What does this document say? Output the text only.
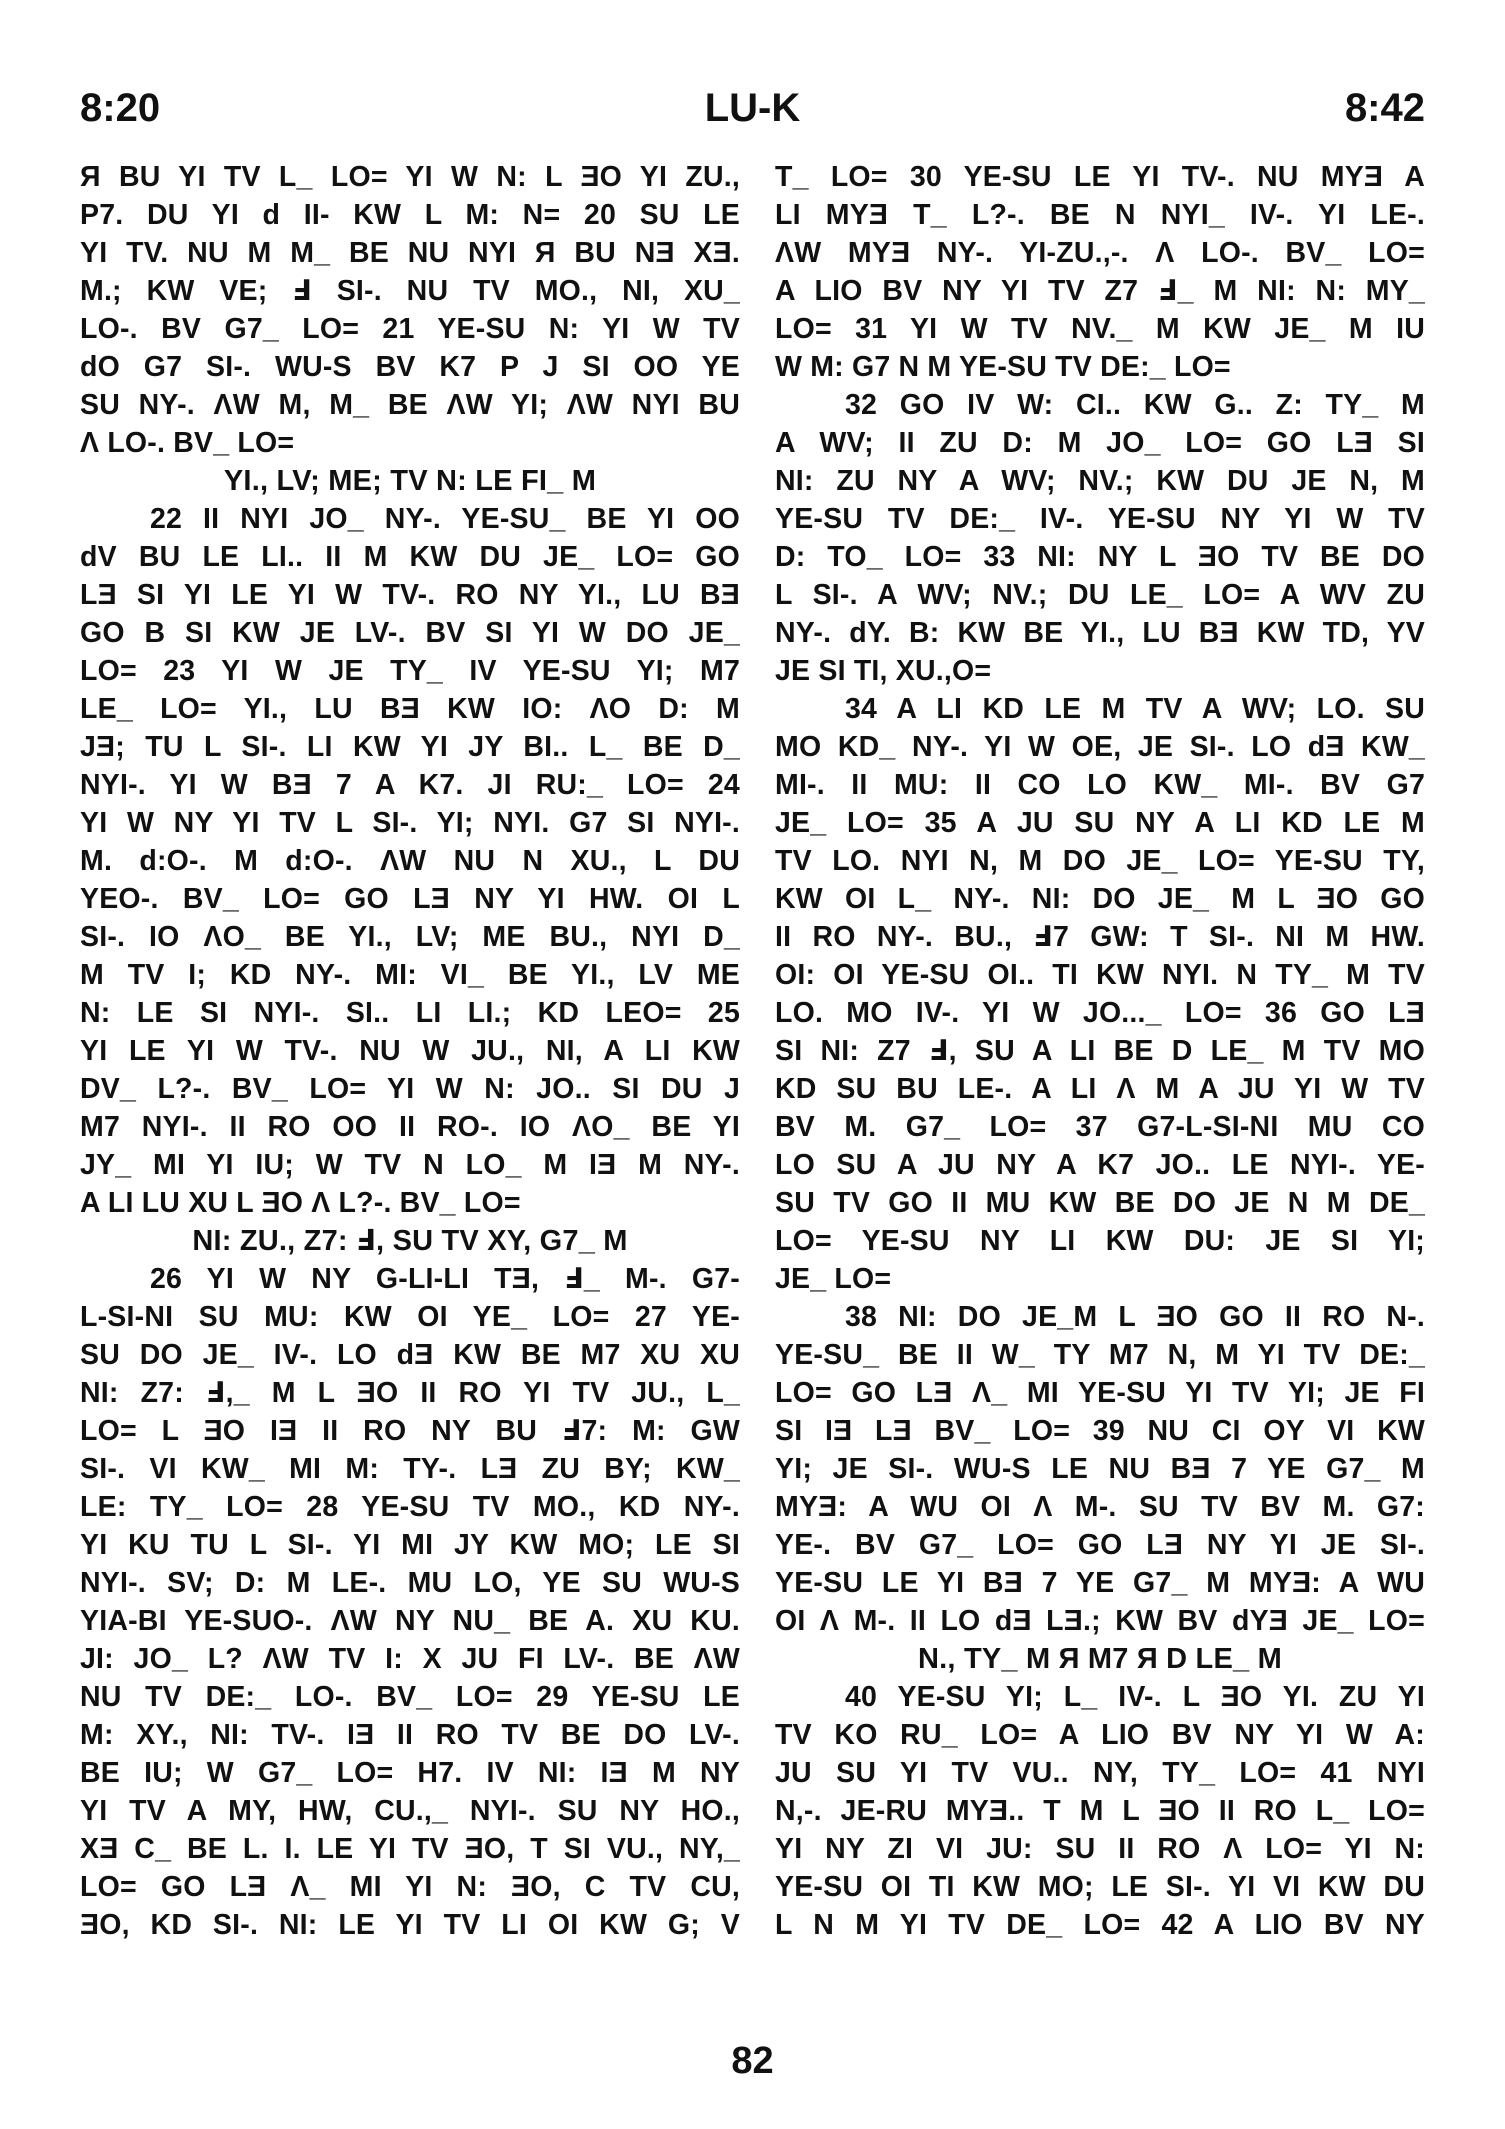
8:20	LU-K	8:42
Я BU YI TV L_ LO= YI W N: L ƎO YI ZU.,
P7. DU YI d II- KW L M: N= 20 SU LE
YI TV. NU M M_ BE NU NYI Я BU NƎ XƎ.
M.; KW VE; Ⅎ SI-. NU TV MO., NI, XU_
LO-. BV G7_ LO= 21 YE-SU N: YI W TV
dO G7 SI-. WU-S BV K7 P J SI OO YE
SU NY-. ΛW M, M_ BE ΛW YI; ΛW NYI BU
Λ LO-. BV_ LO=
YI., LV; ME; TV N: LE FI_ M
22 II NYI JO_ NY-. YE-SU_ BE YI OO
dV BU LE LI.. II M KW DU JE_ LO= GO
LƎ SI YI LE YI W TV-. RO NY YI., LU BƎ
GO B SI KW JE LV-. BV SI YI W DO JE_
LO= 23 YI W JE TY_ IV YE-SU YI; M7
LE_ LO= YI., LU BƎ KW IO: ΛO D: M
JƎ; TU L SI-. LI KW YI JY BI.. L_ BE D_
NYI-. YI W BƎ 7 A K7. JI RU:_ LO= 24
YI W NY YI TV L SI-. YI; NYI. G7 SI NYI-.
M. d:O-. M d:O-. ΛW NU N XU., L DU
YEO-. BV_ LO= GO LƎ NY YI HW. OI L
SI-. IO ΛO_ BE YI., LV; ME BU., NYI D_
M TV I; KD NY-. MI: VI_ BE YI., LV ME
N: LE SI NYI-. SI.. LI LI.; KD LEO= 25
YI LE YI W TV-. NU W JU., NI, A LI KW
DV_ L?-. BV_ LO= YI W N: JO.. SI DU J
M7 NYI-. II RO OO II RO-. IO ΛO_ BE YI
JY_ MI YI IU; W TV N LO_ M IƎ M NY-.
A LI LU XU L ƎO Λ L?-. BV_ LO=
NI: ZU., Z7: Ⅎ, SU TV XY, G7_ M
26 YI W NY G-LI-LI TƎ, Ⅎ_ M-. G7-
L-SI-NI SU MU: KW OI YE_ LO= 27 YE-
SU DO JE_ IV-. LO dƎ KW BE M7 XU XU
NI: Z7: Ⅎ,_ M L ƎO II RO YI TV JU., L_
LO= L ƎO IƎ II RO NY BU Ⅎ7: M: GW
SI-. VI KW_ MI M: TY-. LƎ ZU BY; KW_
LE: TY_ LO= 28 YE-SU TV MO., KD NY-.
YI KU TU L SI-. YI MI JY KW MO; LE SI
NYI-. SV; D: M LE-. MU LO, YE SU WU-S
YIA-BI YE-SUO-. ΛW NY NU_ BE A. XU KU.
JI: JO_ L? ΛW TV I: X JU FI LV-. BE ΛW
NU TV DE:_ LO-. BV_ LO= 29 YE-SU LE
M: XY., NI: TV-. IƎ II RO TV BE DO LV-.
BE IU; W G7_ LO= H7. IV NI: IƎ M NY
YI TV A MY, HW, CU.,_ NYI-. SU NY HO.,
XƎ C_ BE L. I. LE YI TV ƎO, T SI VU., NY,_
LO= GO LƎ Λ_ MI YI N: ƎO, C TV CU,
ƎO, KD SI-. NI: LE YI TV LI OI KW G; V
T_ LO= 30 YE-SU LE YI TV-. NU MYƎ A
LI MYƎ T_ L?-. BE N NYI_ IV-. YI LE-.
ΛW MYƎ NY-. YI-ZU.,-. Λ LO-. BV_ LO=
A LIO BV NY YI TV Z7 Ⅎ_ M NI: N: MY_
LO= 31 YI W TV NV._ M KW JE_ M IU
W M: G7 N M YE-SU TV DE:_ LO=
32 GO IV W: CI.. KW G.. Z: TY_ M
A WV; II ZU D: M JO_ LO= GO LƎ SI
NI: ZU NY A WV; NV.; KW DU JE N, M
YE-SU TV DE:_ IV-. YE-SU NY YI W TV
D: TO_ LO= 33 NI: NY L ƎO TV BE DO
L SI-. A WV; NV.; DU LE_ LO= A WV ZU
NY-. dY. B: KW BE YI., LU BƎ KW TD, YV
JE SI TI, XU.,O=
34 A LI KD LE M TV A WV; LO. SU
MO KD_ NY-. YI W OE, JE SI-. LO dƎ KW_
MI-. II MU: II CO LO KW_ MI-. BV G7
JE_ LO= 35 A JU SU NY A LI KD LE M
TV LO. NYI N, M DO JE_ LO= YE-SU TY,
KW OI L_ NY-. NI: DO JE_ M L ƎO GO
II RO NY-. BU., Ⅎ7 GW: T SI-. NI M HW.
OI: OI YE-SU OI.. TI KW NYI. N TY_ M TV
LO. MO IV-. YI W JO..._ LO= 36 GO LƎ
SI NI: Z7 Ⅎ, SU A LI BE D LE_ M TV MO
KD SU BU LE-. A LI Λ M A JU YI W TV
BV M. G7_ LO= 37 G7-L-SI-NI MU CO
LO SU A JU NY A K7 JO.. LE NYI-. YE-
SU TV GO II MU KW BE DO JE N M DE_
LO= YE-SU NY LI KW DU: JE SI YI;
JE_ LO=
38 NI: DO JE_M L ƎO GO II RO N-.
YE-SU_ BE II W_ TY M7 N, M YI TV DE:_
LO= GO LƎ Λ_ MI YE-SU YI TV YI; JE FI
SI IƎ LƎ BV_ LO= 39 NU CI OY VI KW
YI; JE SI-. WU-S LE NU BƎ 7 YE G7_ M
MYƎ: A WU OI Λ M-. SU TV BV M. G7:
YE-. BV G7_ LO= GO LƎ NY YI JE SI-.
YE-SU LE YI BƎ 7 YE G7_ M MYƎ: A WU
OI Λ M-. II LO dƎ LƎ.; KW BV dYƎ JE_ LO=
N., TY_ M Я M7 Я D LE_ M
40 YE-SU YI; L_ IV-. L ƎO YI. ZU YI
TV KO RU_ LO= A LIO BV NY YI W A:
JU SU YI TV VU.. NY, TY_ LO= 41 NYI
N,-. JE-RU MYƎ.. T M L ƎO II RO L_ LO=
YI NY ZI VI JU: SU II RO Λ LO= YI N:
YE-SU OI TI KW MO; LE SI-. YI VI KW DU
L N M YI TV DE_ LO= 42 A LIO BV NY
82
